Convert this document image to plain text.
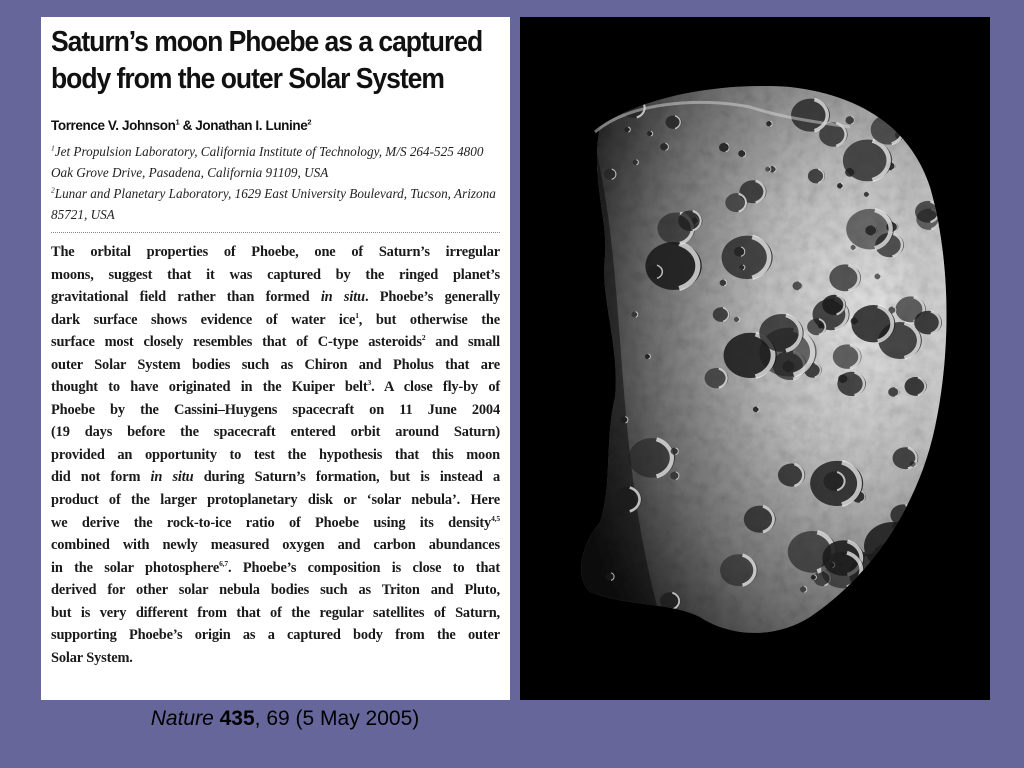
Saturn’s moon Phoebe as a captured
body from the outer Solar System
Torrence V. Johnson$^1$ & Jonathan I. Lunine$^2$
$^1$Jet Propulsion Laboratory, California Institute of Technology, M/S 264-525 4800 Oak Grove Drive, Pasadena, California 91109, USA
$^2$Lunar and Planetary Laboratory, 1629 East University Boulevard, Tucson, Arizona 85721, USA
The orbital properties of Phoebe, one of Saturn’s irregular
moons, suggest that it was captured by the ringed planet’s
gravitational field rather than formed in situ. Phoebe’s generally
dark surface shows evidence of water ice$^1$, but otherwise the
surface most closely resembles that of C-type asteroids$^2$ and small
outer Solar System bodies such as Chiron and Pholus that are
thought to have originated in the Kuiper belt$^3$. A close fly-by of
Phoebe by the Cassini–Huygens spacecraft on 11 June 2004
(19 days before the spacecraft entered orbit around Saturn)
provided an opportunity to test the hypothesis that this moon
did not form in situ during Saturn’s formation, but is instead a
product of the larger protoplanetary disk or ‘solar nebula’. Here
we derive the rock-to-ice ratio of Phoebe using its density$^{4,5}$
combined with newly measured oxygen and carbon abundances
in the solar photosphere$^{6,7}$. Phoebe’s composition is close to that
derived for other solar nebula bodies such as Triton and Pluto,
but is very different from that of the regular satellites of Saturn,
supporting Phoebe’s origin as a captured body from the outer
Solar System.
Nature 435, 69 (5 May 2005)
